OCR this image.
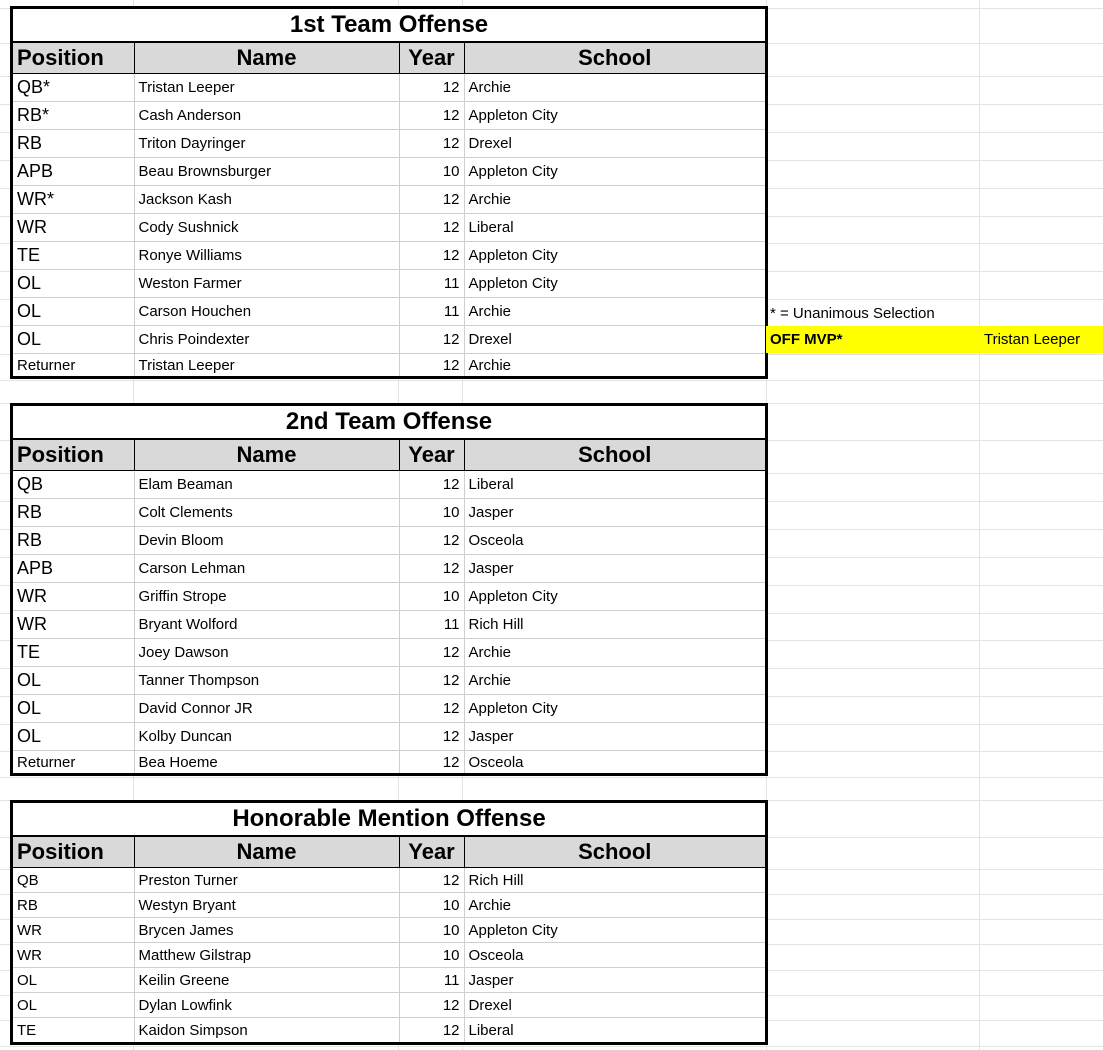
1st Team Offense
Position	Name	Year	School
QB*	Tristan Leeper	12	Archie
RB*	Cash Anderson	12	Appleton City
RB	Triton Dayringer	12	Drexel
APB	Beau Brownsburger	10	Appleton City
WR*	Jackson Kash	12	Archie
WR	Cody Sushnick	12	Liberal
TE	Ronye Williams	12	Appleton City
OL	Weston Farmer	11	Appleton City
OL	Carson Houchen	11	Archie
OL	Chris Poindexter	12	Drexel
Returner	Tristan Leeper	12	Archie
* = Unanimous Selection
OFF MVP*	Tristan Leeper
2nd Team Offense
Position	Name	Year	School
QB	Elam Beaman	12	Liberal
RB	Colt Clements	10	Jasper
RB	Devin Bloom	12	Osceola
APB	Carson Lehman	12	Jasper
WR	Griffin Strope	10	Appleton City
WR	Bryant Wolford	11	Rich Hill
TE	Joey Dawson	12	Archie
OL	Tanner Thompson	12	Archie
OL	David Connor JR	12	Appleton City
OL	Kolby Duncan	12	Jasper
Returner	Bea Hoeme	12	Osceola
Honorable Mention Offense
Position	Name	Year	School
QB	Preston Turner	12	Rich Hill
RB	Westyn Bryant	10	Archie
WR	Brycen James	10	Appleton City
WR	Matthew Gilstrap	10	Osceola
OL	Keilin Greene	11	Jasper
OL	Dylan Lowfink	12	Drexel
TE	Kaidon Simpson	12	Liberal
